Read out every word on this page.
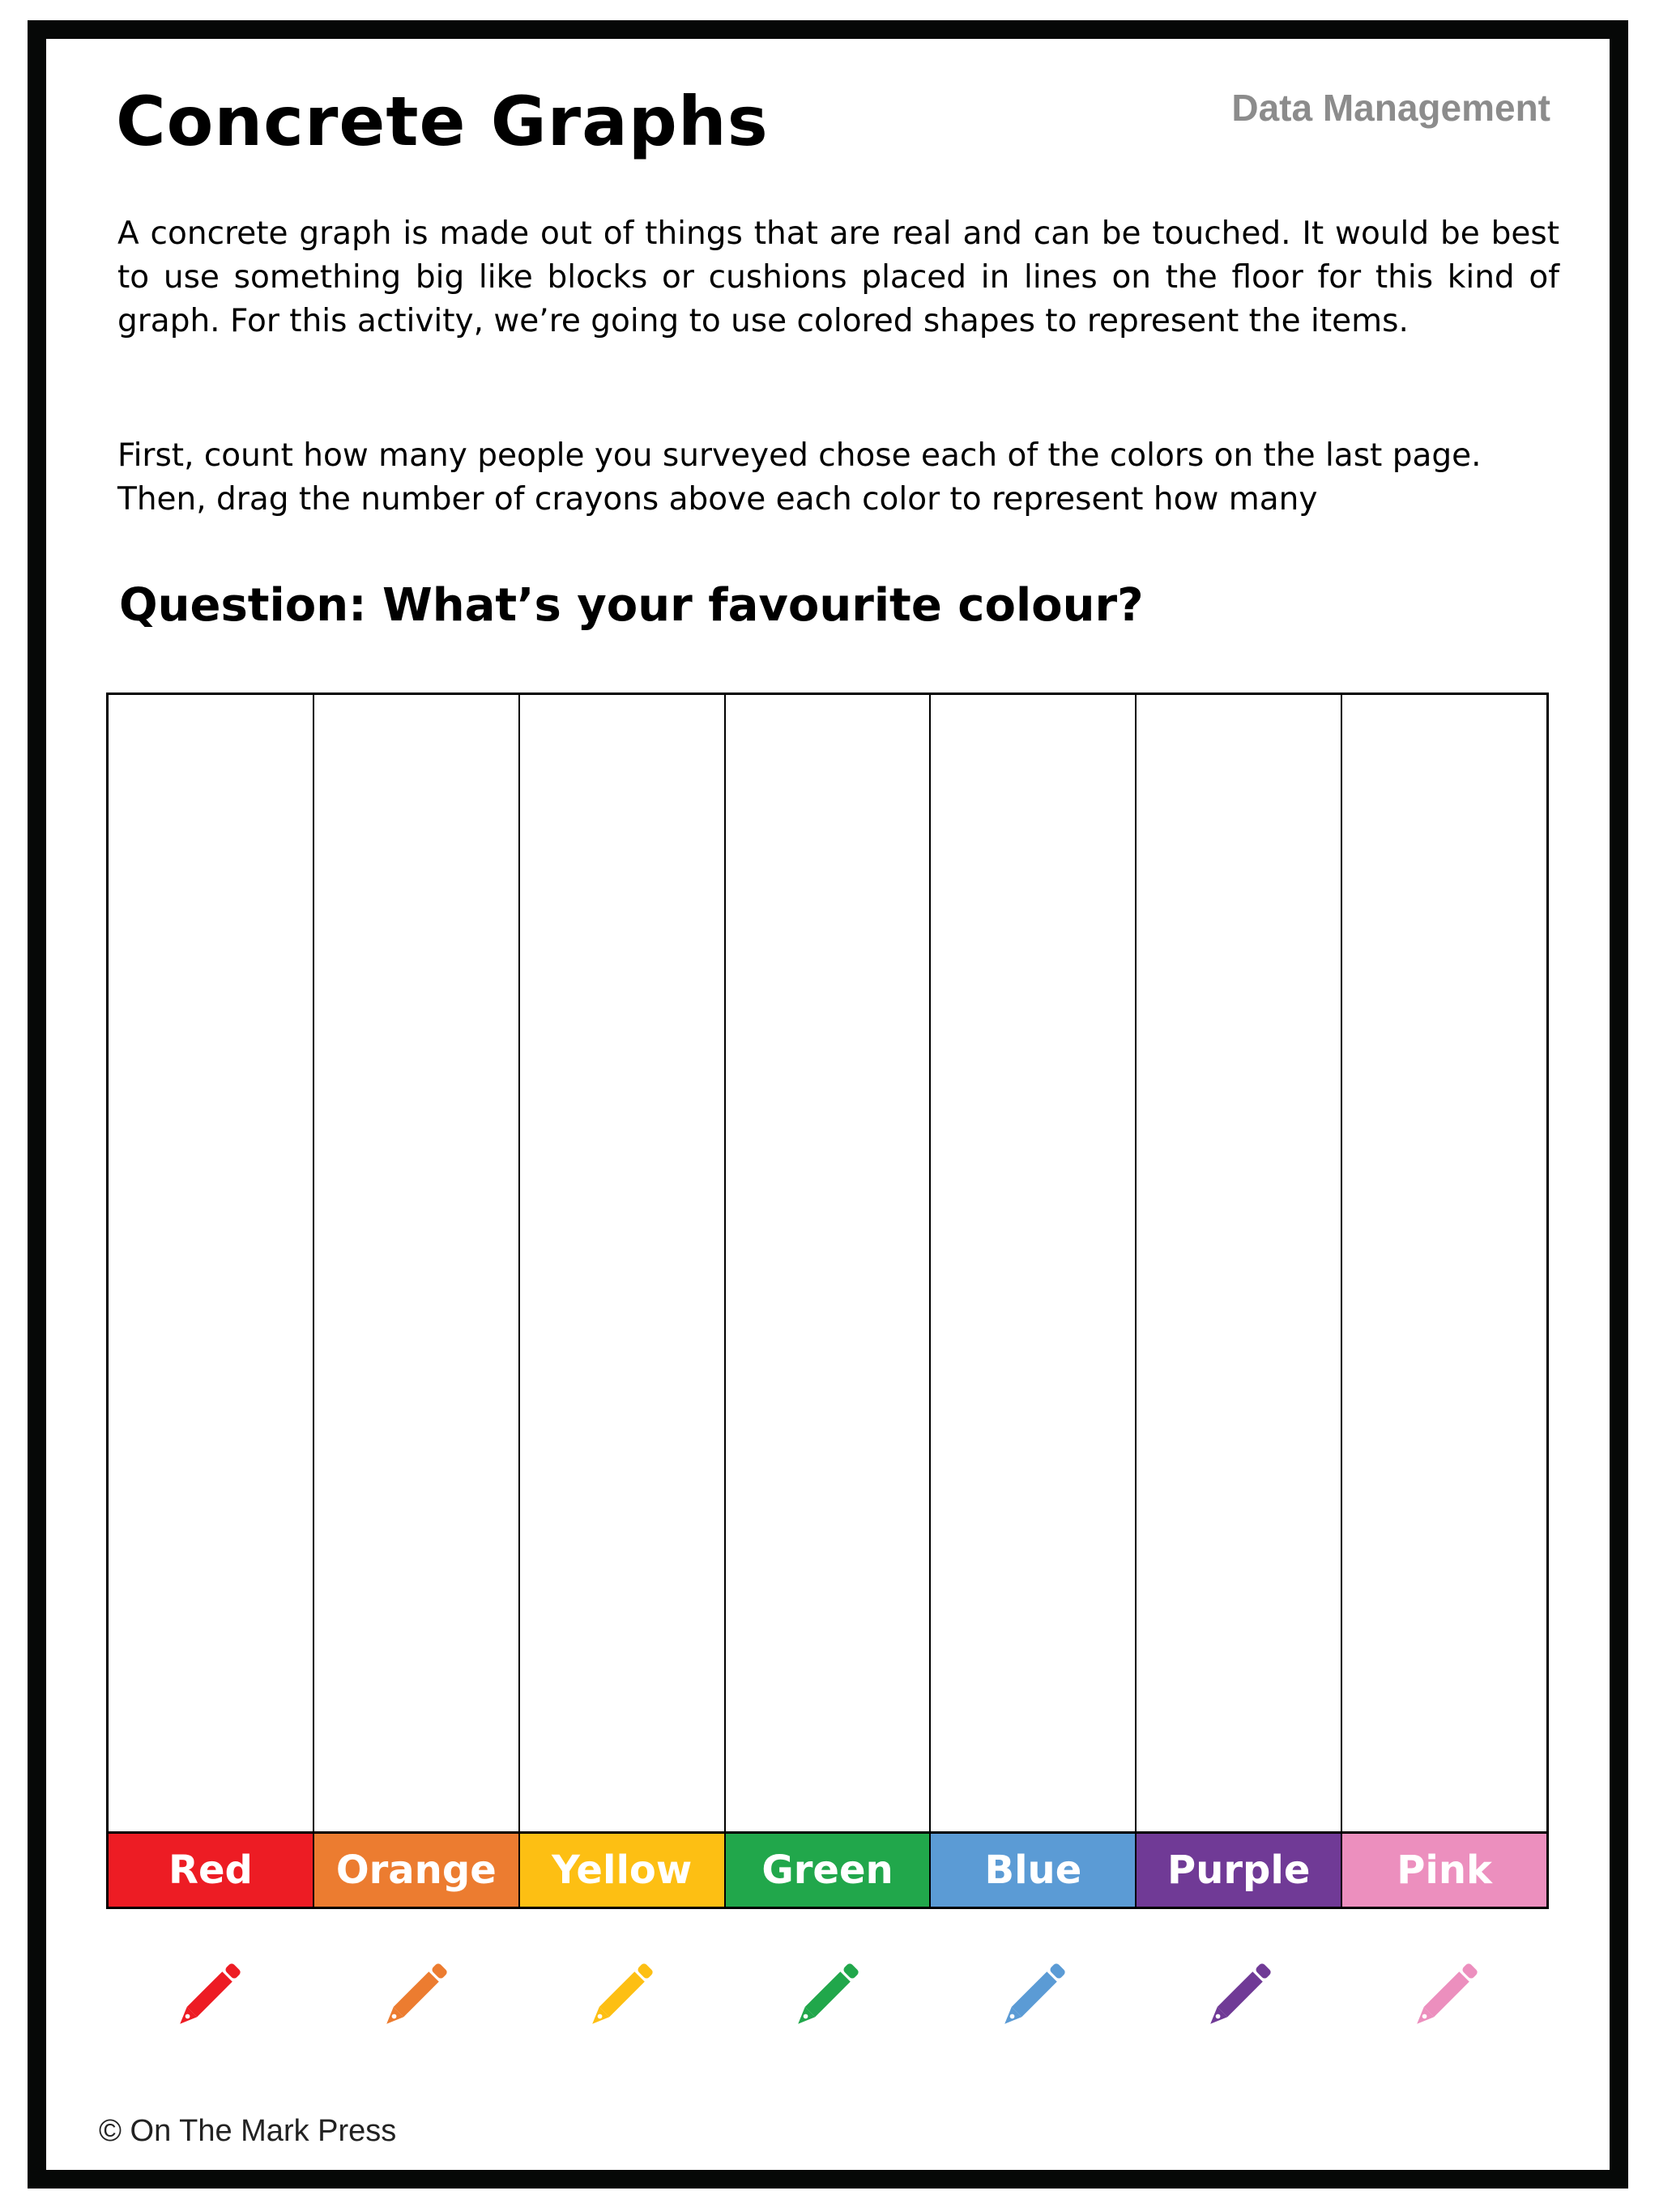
Concrete Graphs	Data Management
A concrete graph is made out of things that are real and can be touched. It would be best to use something big like blocks or cushions placed in lines on the floor for this kind of graph. For this activity, we’re going to use colored shapes to represent the items.
First, count how many people you surveyed chose each of the colors on the last page. Then, drag the number of crayons above each color to represent how many
Question: What’s your favourite colour?
Red	Orange	Yellow	Green	Blue	Purple	Pink
© On The Mark Press
